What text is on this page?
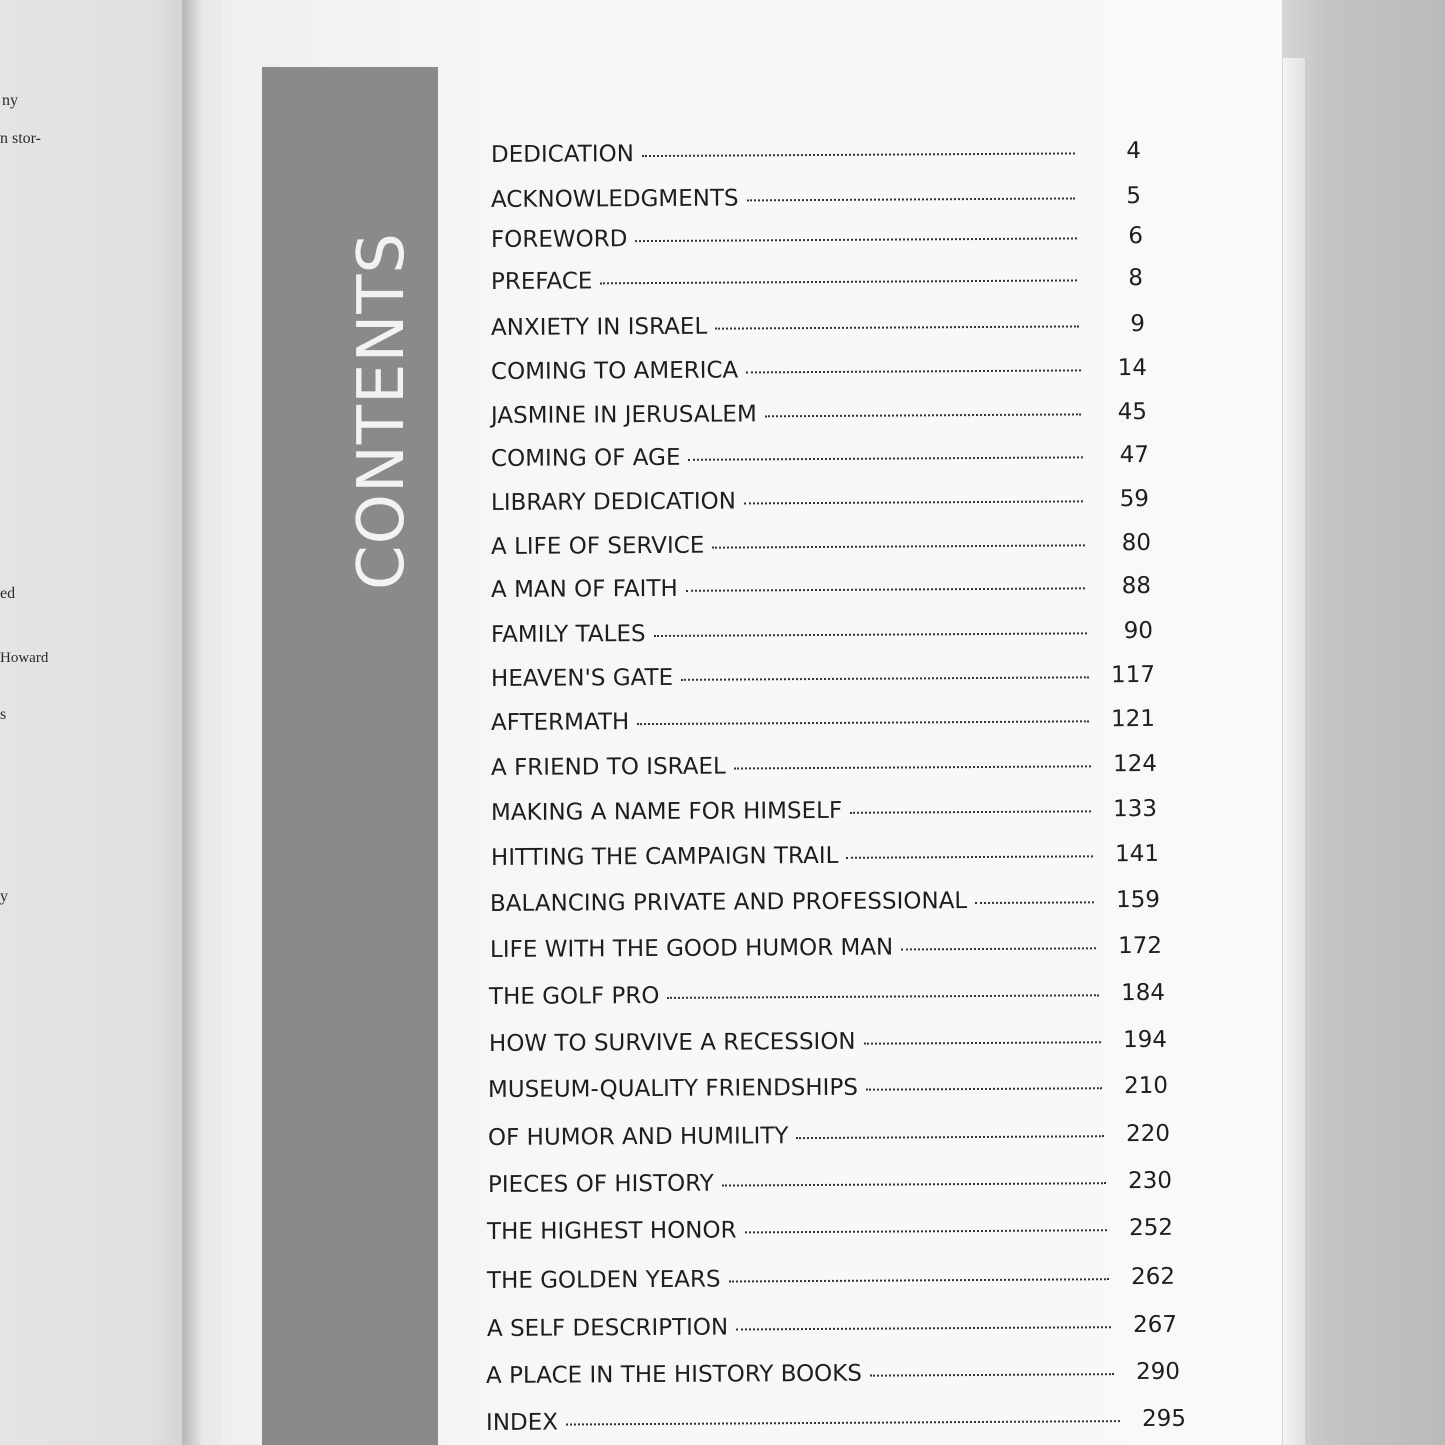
ny
n stor-
ed
Howard
s
y
CONTENTS
DEDICATION	4
ACKNOWLEDGMENTS	5
FOREWORD	6
PREFACE	8
ANXIETY IN ISRAEL	9
COMING TO AMERICA	14
JASMINE IN JERUSALEM	45
COMING OF AGE	47
LIBRARY DEDICATION	59
A LIFE OF SERVICE	80
A MAN OF FAITH	88
FAMILY TALES	90
HEAVEN'S GATE	117
AFTERMATH	121
A FRIEND TO ISRAEL	124
MAKING A NAME FOR HIMSELF	133
HITTING THE CAMPAIGN TRAIL	141
BALANCING PRIVATE AND PROFESSIONAL	159
LIFE WITH THE GOOD HUMOR MAN	172
THE GOLF PRO	184
HOW TO SURVIVE A RECESSION	194
MUSEUM-QUALITY FRIENDSHIPS	210
OF HUMOR AND HUMILITY	220
PIECES OF HISTORY	230
THE HIGHEST HONOR	252
THE GOLDEN YEARS	262
A SELF DESCRIPTION	267
A PLACE IN THE HISTORY BOOKS	290
INDEX	295
